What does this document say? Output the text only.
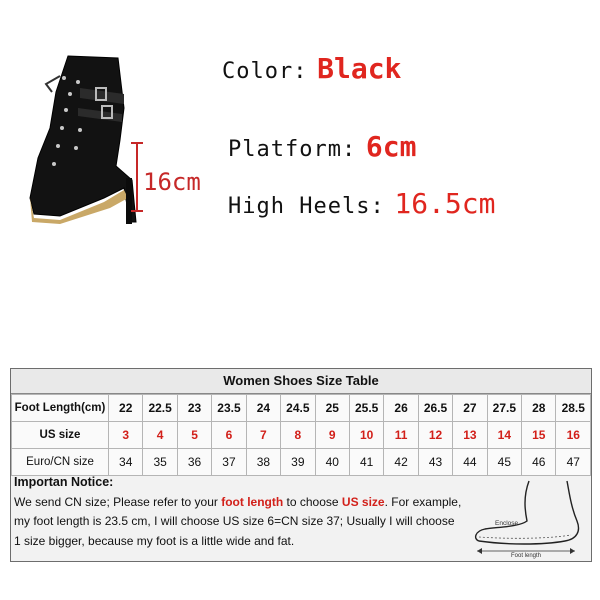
16cm
Color: Black
Platform: 6cm
High Heels: 16.5cm
Women Shoes Size Table
Foot Length(cm)	22	22.5	23	23.5	24	24.5	25	25.5	26	26.5	27	27.5	28	28.5
US size	3	4	5	6	7	8	9	10	11	12	13	14	15	16
Euro/CN size	34	35	36	37	38	39	40	41	42	43	44	45	46	47
Importan Notice:
We send CN size; Please refer to your foot length to choose US size. For example,
my foot length is 23.5 cm, I will choose US size 6=CN size 37; Usually I will choose
1 size bigger, because my foot is a little wide and fat.
Enclose
Foot length
